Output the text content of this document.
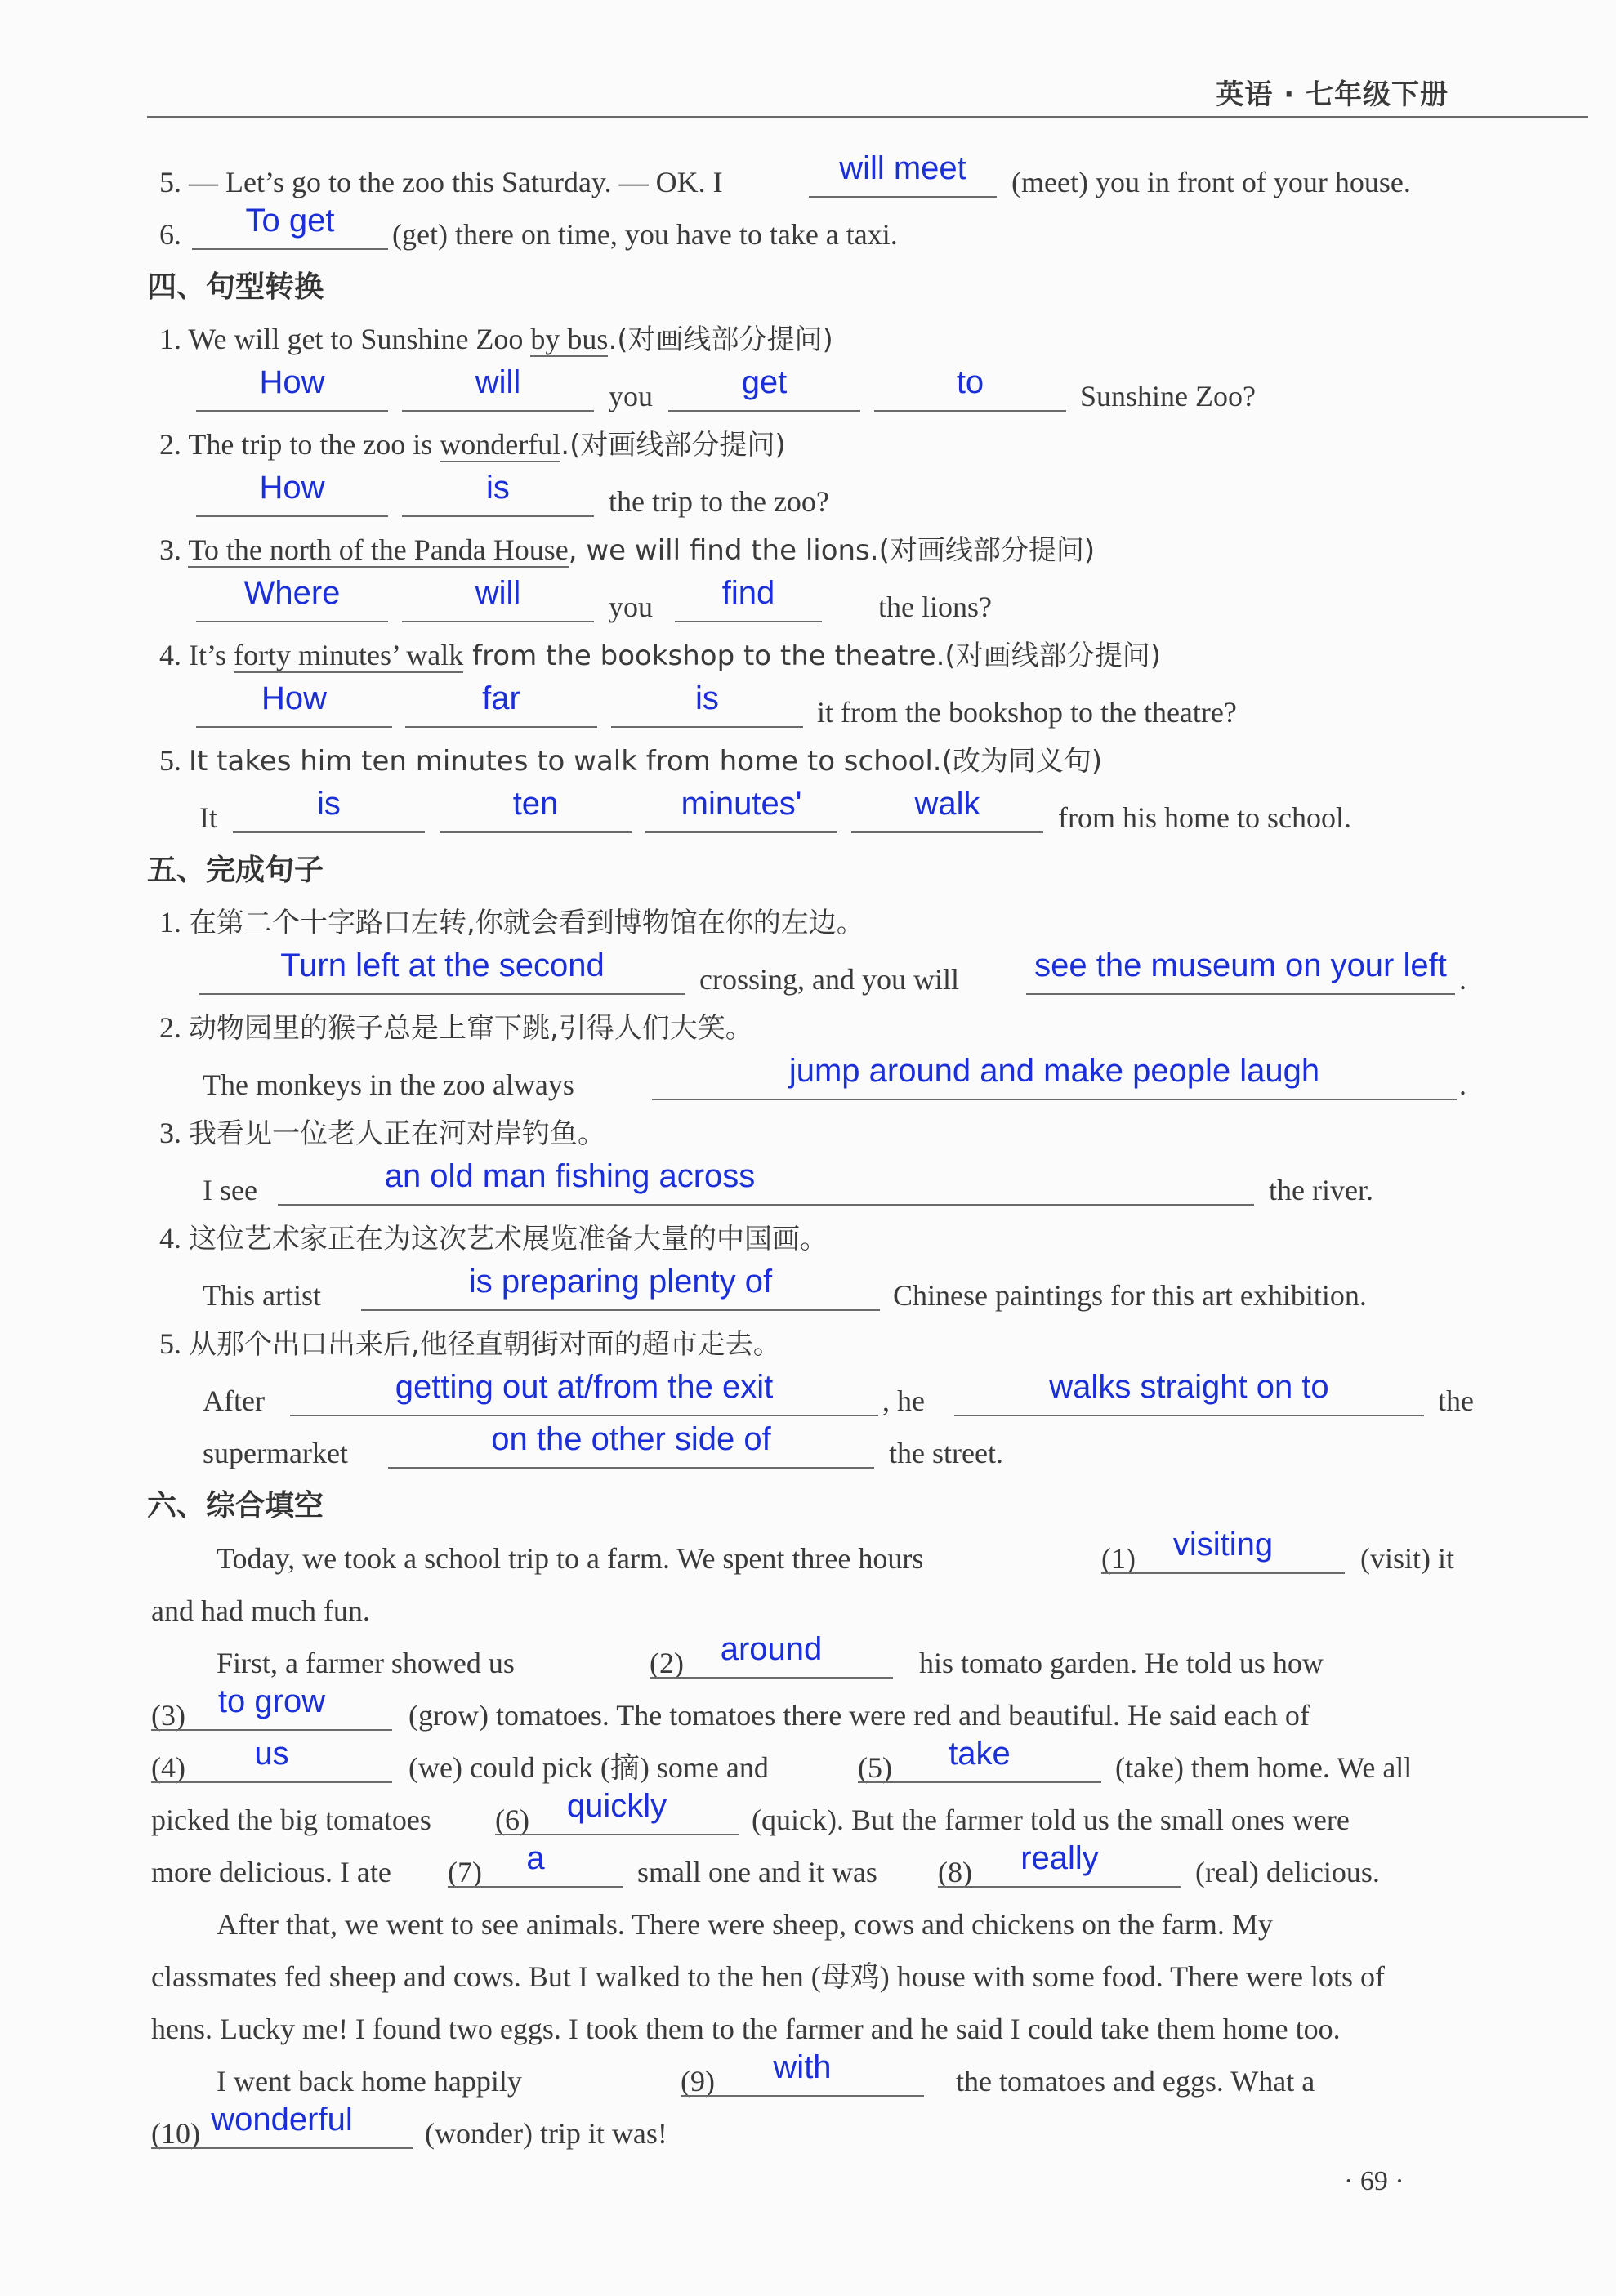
英语 · 七年级下册
5. — Let’s go to the zoo this Saturday. — OK. I	will meet	(meet) you in front of your house.
6.	To get	(get) there on time, you have to take a taxi.
四、句型转换
1. We will get to Sunshine Zoo by bus.(对画线部分提问)
How	will	you	get	to	Sunshine Zoo?
2. The trip to the zoo is wonderful.(对画线部分提问)
How	is	the trip to the zoo?
3. To the north of the Panda House, we will find the lions.(对画线部分提问)
Where	will	you	find	the lions?
4. It’s forty minutes’ walk from the bookshop to the theatre.(对画线部分提问)
How	far	is	it from the bookshop to the theatre?
5. It takes him ten minutes to walk from home to school.(改为同义句)
It	is	ten	minutes'	walk	from his home to school.
五、完成句子
1. 在第二个十字路口左转,你就会看到博物馆在你的左边。
Turn left at the second	crossing, and you will see the museum on your left .
2. 动物园里的猴子总是上窜下跳,引得人们大笑。
The monkeys in the zoo always	jump around and make people laugh	.
3. 我看见一位老人正在河对岸钓鱼。
I see	an old man fishing across	the river.
4. 这位艺术家正在为这次艺术展览准备大量的中国画。
This artist	is preparing plenty of	Chinese paintings for this art exhibition.
5. 从那个出口出来后,他径直朝街对面的超市走去。
After	getting out at/from the exit	, he	walks straight on to	the
supermarket	on the other side of	the street.
六、综合填空
Today, we took a school trip to a farm. We spent three hours	(1)	visiting	(visit) it
and had much fun.
First, a farmer showed us	(2)	around	his tomato garden. He told us how
(3) to grow	(grow) tomatoes. The tomatoes there were red and beautiful. He said each of
(4)	us	(we) could pick (摘) some and	(5)	take	(take) them home. We all
picked the big tomatoes (6)	quickly	(quick). But the farmer told us the small ones were
more delicious. I ate (7)	a	small one and it was (8)	really	(real) delicious.
After that, we went to see animals. There were sheep, cows and chickens on the farm. My
classmates fed sheep and cows. But I walked to the hen (母鸡) house with some food. There were lots of
hens. Lucky me! I found two eggs. I took them to the farmer and he said I could take them home too.
I went back home happily	(9)	with	the tomatoes and eggs. What a
(10) wonderful	(wonder) trip it was!
· 69 ·
